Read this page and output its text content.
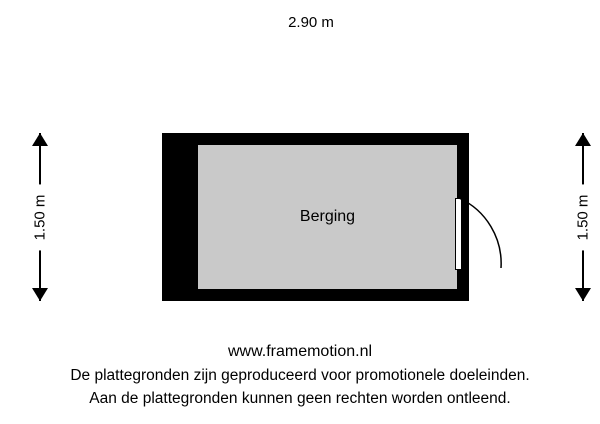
2.90 m
1.50 m	1.50 m
Berging
www.framemotion.nl
De plattegronden zijn geproduceerd voor promotionele doeleinden.
Aan de plattegronden kunnen geen rechten worden ontleend.
